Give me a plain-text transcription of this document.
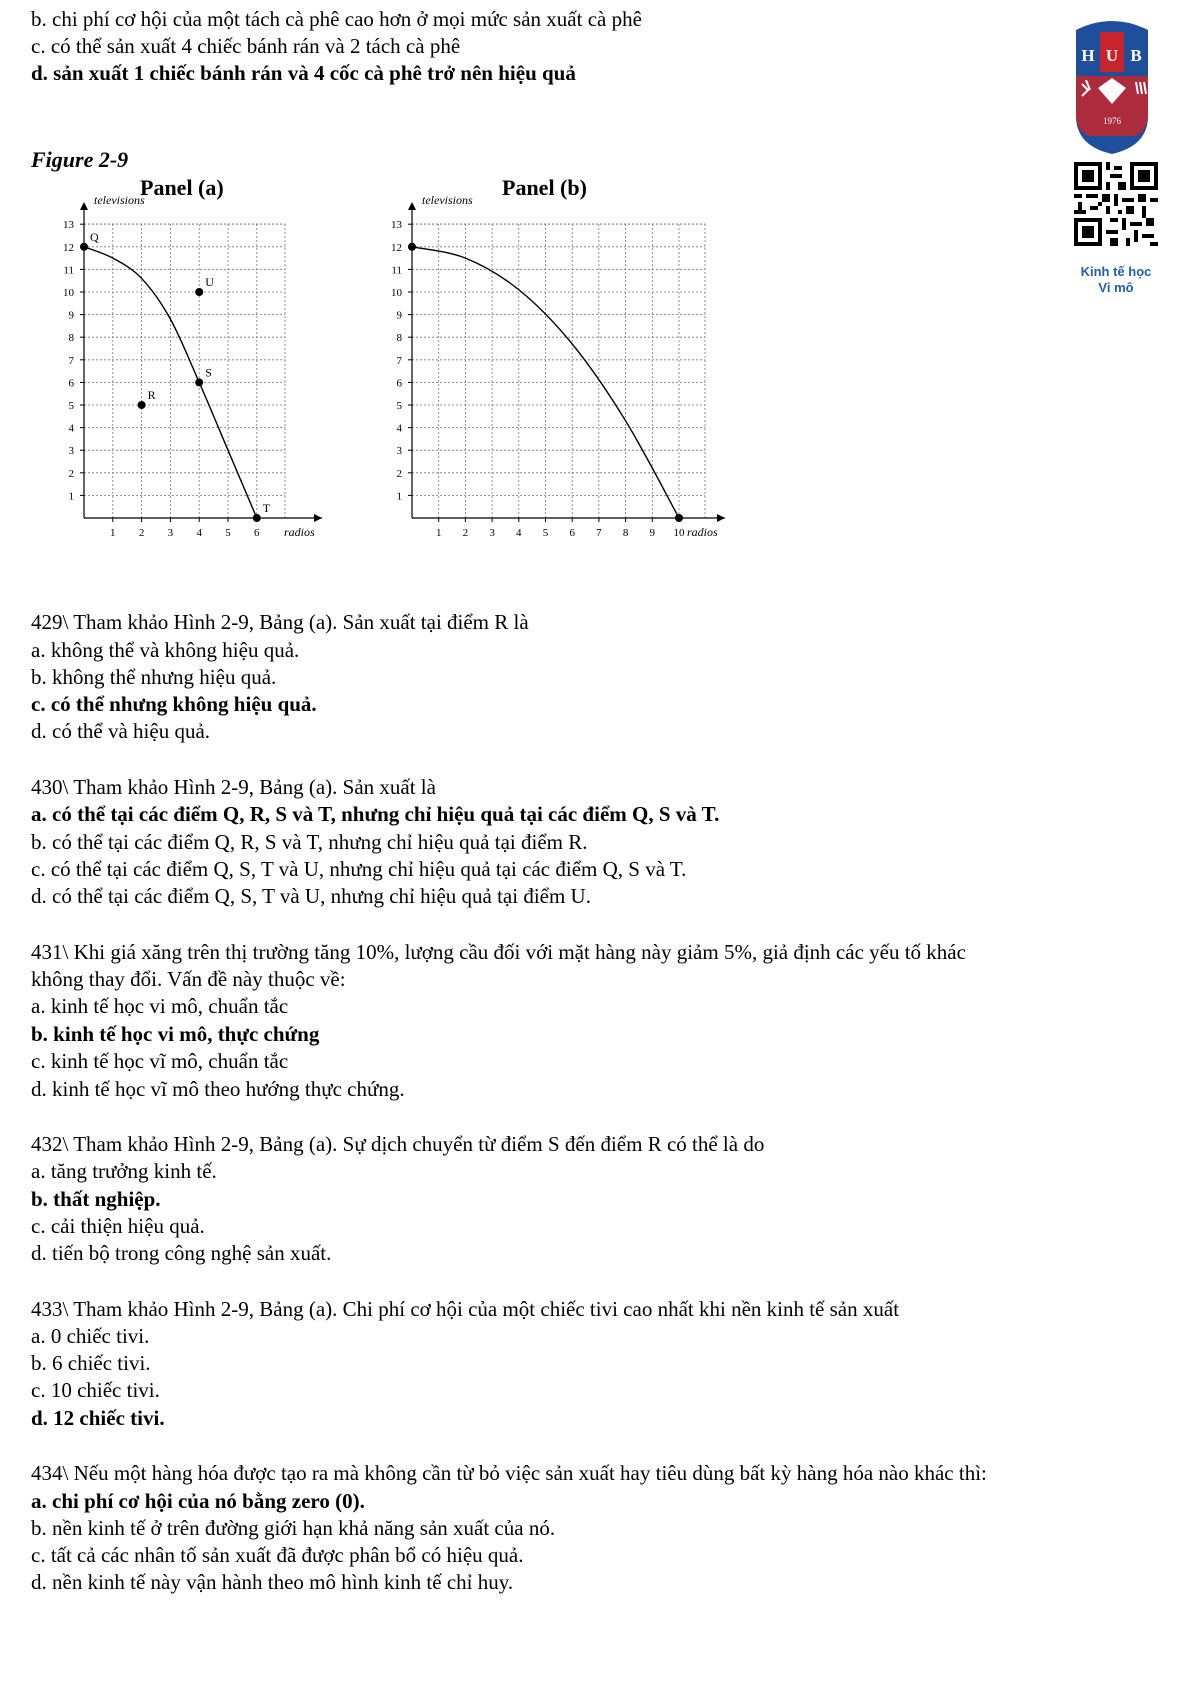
b. chi phí cơ hội của một tách cà phê cao hơn ở mọi mức sản xuất cà phê
c. có thể sản xuất 4 chiếc bánh rán và 2 tách cà phê
d. sản xuất 1 chiếc bánh rán và 4 cốc cà phê trở nên hiệu quả
H U B
1976
Kinh tế học
Vi mô
Figure 2-9
Panel (a)	Panel (b)
1
2
3
4
5
6
7
8
9
10
11
12
13
1 2 3 4 5 6
televisions
radios
Q
U
S
R
T
1
2
3
4
5
6
7
8
9
10
11
12
13
1 2 3 4 5 6 7 8 9 10
televisions
radios
429\ Tham khảo Hình 2-9, Bảng (a). Sản xuất tại điểm R là
a. không thể và không hiệu quả.
b. không thể nhưng hiệu quả.
c. có thể nhưng không hiệu quả.
d. có thể và hiệu quả.
430\ Tham khảo Hình 2-9, Bảng (a). Sản xuất là
a. có thể tại các điểm Q, R, S và T, nhưng chỉ hiệu quả tại các điểm Q, S và T.
b. có thể tại các điểm Q, R, S và T, nhưng chỉ hiệu quả tại điểm R.
c. có thể tại các điểm Q, S, T và U, nhưng chỉ hiệu quả tại các điểm Q, S và T.
d. có thể tại các điểm Q, S, T và U, nhưng chỉ hiệu quả tại điểm U.
431\ Khi giá xăng trên thị trường tăng 10%, lượng cầu đối với mặt hàng này giảm 5%, giả định các yếu tố khác
không thay đổi. Vấn đề này thuộc về:
a. kinh tế học vi mô, chuẩn tắc
b. kinh tế học vi mô, thực chứng
c. kinh tế học vĩ mô, chuẩn tắc
d. kinh tế học vĩ mô theo hướng thực chứng.
432\ Tham khảo Hình 2-9, Bảng (a). Sự dịch chuyển từ điểm S đến điểm R có thể là do
a. tăng trưởng kinh tế.
b. thất nghiệp.
c. cải thiện hiệu quả.
d. tiến bộ trong công nghệ sản xuất.
433\ Tham khảo Hình 2-9, Bảng (a). Chi phí cơ hội của một chiếc tivi cao nhất khi nền kinh tế sản xuất
a. 0 chiếc tivi.
b. 6 chiếc tivi.
c. 10 chiếc tivi.
d. 12 chiếc tivi.
434\ Nếu một hàng hóa được tạo ra mà không cần từ bỏ việc sản xuất hay tiêu dùng bất kỳ hàng hóa nào khác thì:
a. chi phí cơ hội của nó bằng zero (0).
b. nền kinh tế ở trên đường giới hạn khả năng sản xuất của nó.
c. tất cả các nhân tố sản xuất đã được phân bổ có hiệu quả.
d. nền kinh tế này vận hành theo mô hình kinh tế chỉ huy.
